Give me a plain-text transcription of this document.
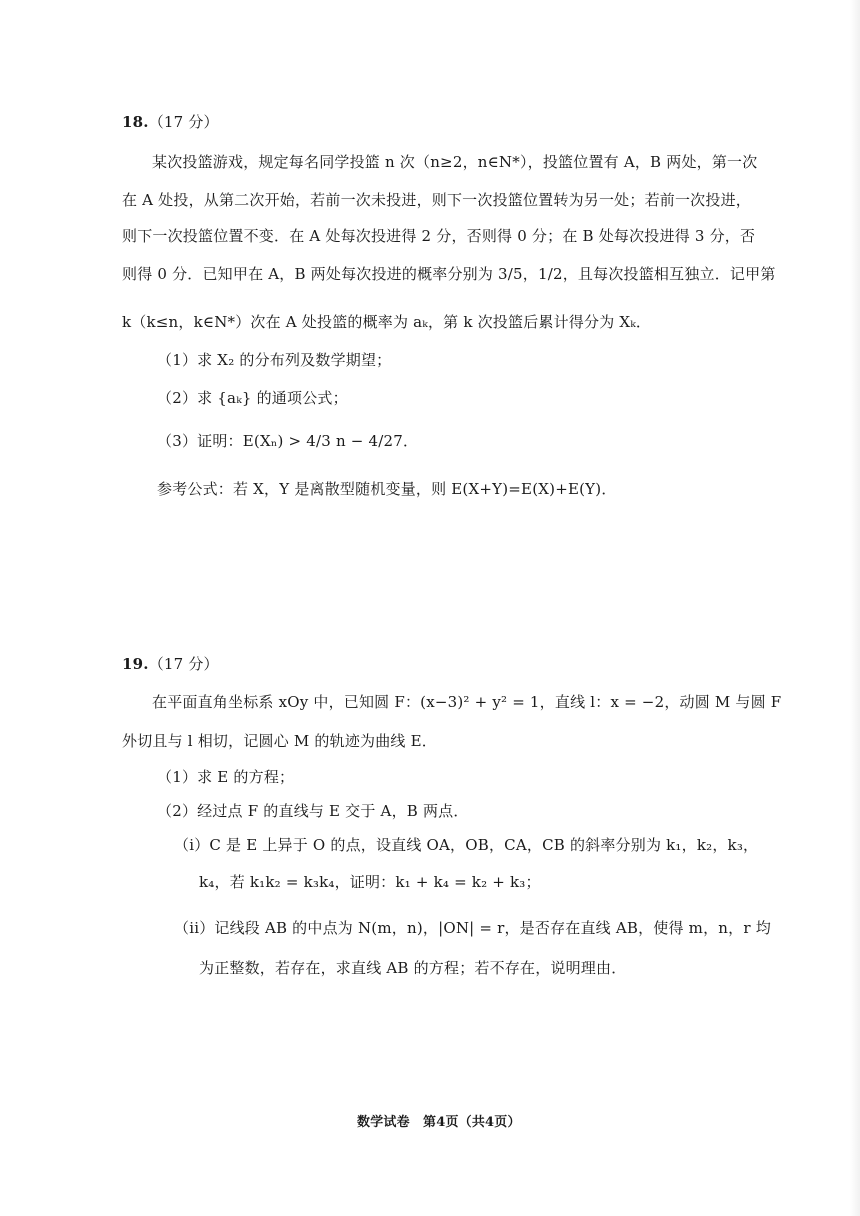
18.（17 分）
某次投篮游戏，规定每名同学投篮 n 次（n≥2，n∈N*），投篮位置有 A，B 两处，第一次
在 A 处投，从第二次开始，若前一次未投进，则下一次投篮位置转为另一处；若前一次投进，
则下一次投篮位置不变．在 A 处每次投进得 2 分，否则得 0 分；在 B 处每次投进得 3 分，否
则得 0 分．已知甲在 A，B 两处每次投进的概率分别为 3/5，1/2，且每次投篮相互独立．记甲第
k（k≤n，k∈N*）次在 A 处投篮的概率为 aₖ，第 k 次投篮后累计得分为 Xₖ．
（1）求 X₂ 的分布列及数学期望；
（2）求 {aₖ} 的通项公式；
（3）证明：E(Xₙ) > 4/3 n − 4/27．
参考公式：若 X，Y 是离散型随机变量，则 E(X+Y)=E(X)+E(Y)．
19.（17 分）
在平面直角坐标系 xOy 中，已知圆 F：(x−3)² + y² = 1，直线 l：x = −2，动圆 M 与圆 F
外切且与 l 相切，记圆心 M 的轨迹为曲线 E．
（1）求 E 的方程；
（2）经过点 F 的直线与 E 交于 A，B 两点．
（i）C 是 E 上异于 O 的点，设直线 OA，OB，CA，CB 的斜率分别为 k₁，k₂，k₃，
k₄，若 k₁k₂ = k₃k₄，证明：k₁ + k₄ = k₂ + k₃；
（ii）记线段 AB 的中点为 N(m，n)，|ON| = r，是否存在直线 AB，使得 m，n，r 均
为正整数，若存在，求直线 AB 的方程；若不存在，说明理由．
数学试卷　第4页（共4页）
